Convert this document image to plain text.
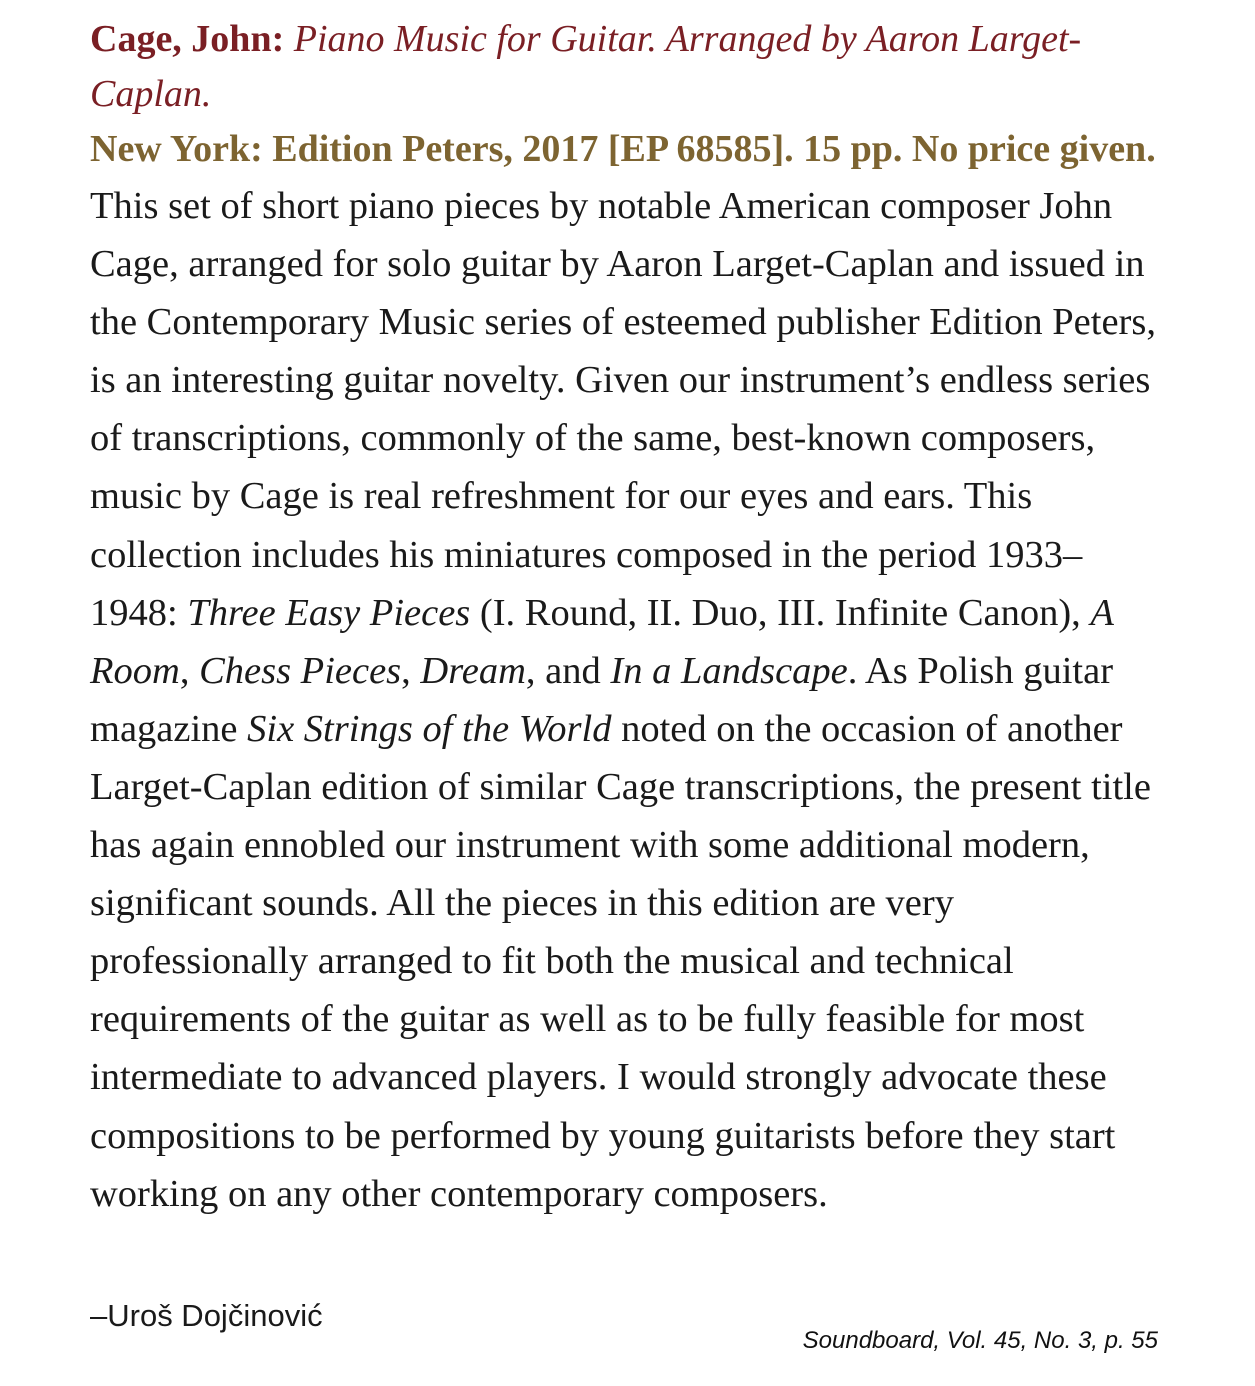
Cage, John: Piano Music for Guitar. Arranged by Aaron Larget-Caplan.

New York: Edition Peters, 2017 [EP 68585]. 15 pp. No price given.

This set of short piano pieces by notable American composer John Cage, arranged for solo guitar by Aaron Larget-Caplan and issued in the Contemporary Music series of esteemed publisher Edition Peters, is an interesting guitar novelty. Given our instrument’s endless series of transcriptions, commonly of the same, best-known composers, music by Cage is real refreshment for our eyes and ears. This collection includes his miniatures composed in the period 1933–1948: Three Easy Pieces (I. Round, II. Duo, III. Infinite Canon), A Room, Chess Pieces, Dream, and In a Landscape. As Polish guitar magazine Six Strings of the World noted on the occasion of another Larget-Caplan edition of similar Cage transcriptions, the present title has again ennobled our instrument with some additional modern, significant sounds. All the pieces in this edition are very professionally arranged to fit both the musical and technical requirements of the guitar as well as to be fully feasible for most intermediate to advanced players. I would strongly advocate these compositions to be performed by young guitarists before they start working on any other contemporary composers.

–Uroš Dojčinović

Soundboard, Vol. 45, No. 3, p. 55
